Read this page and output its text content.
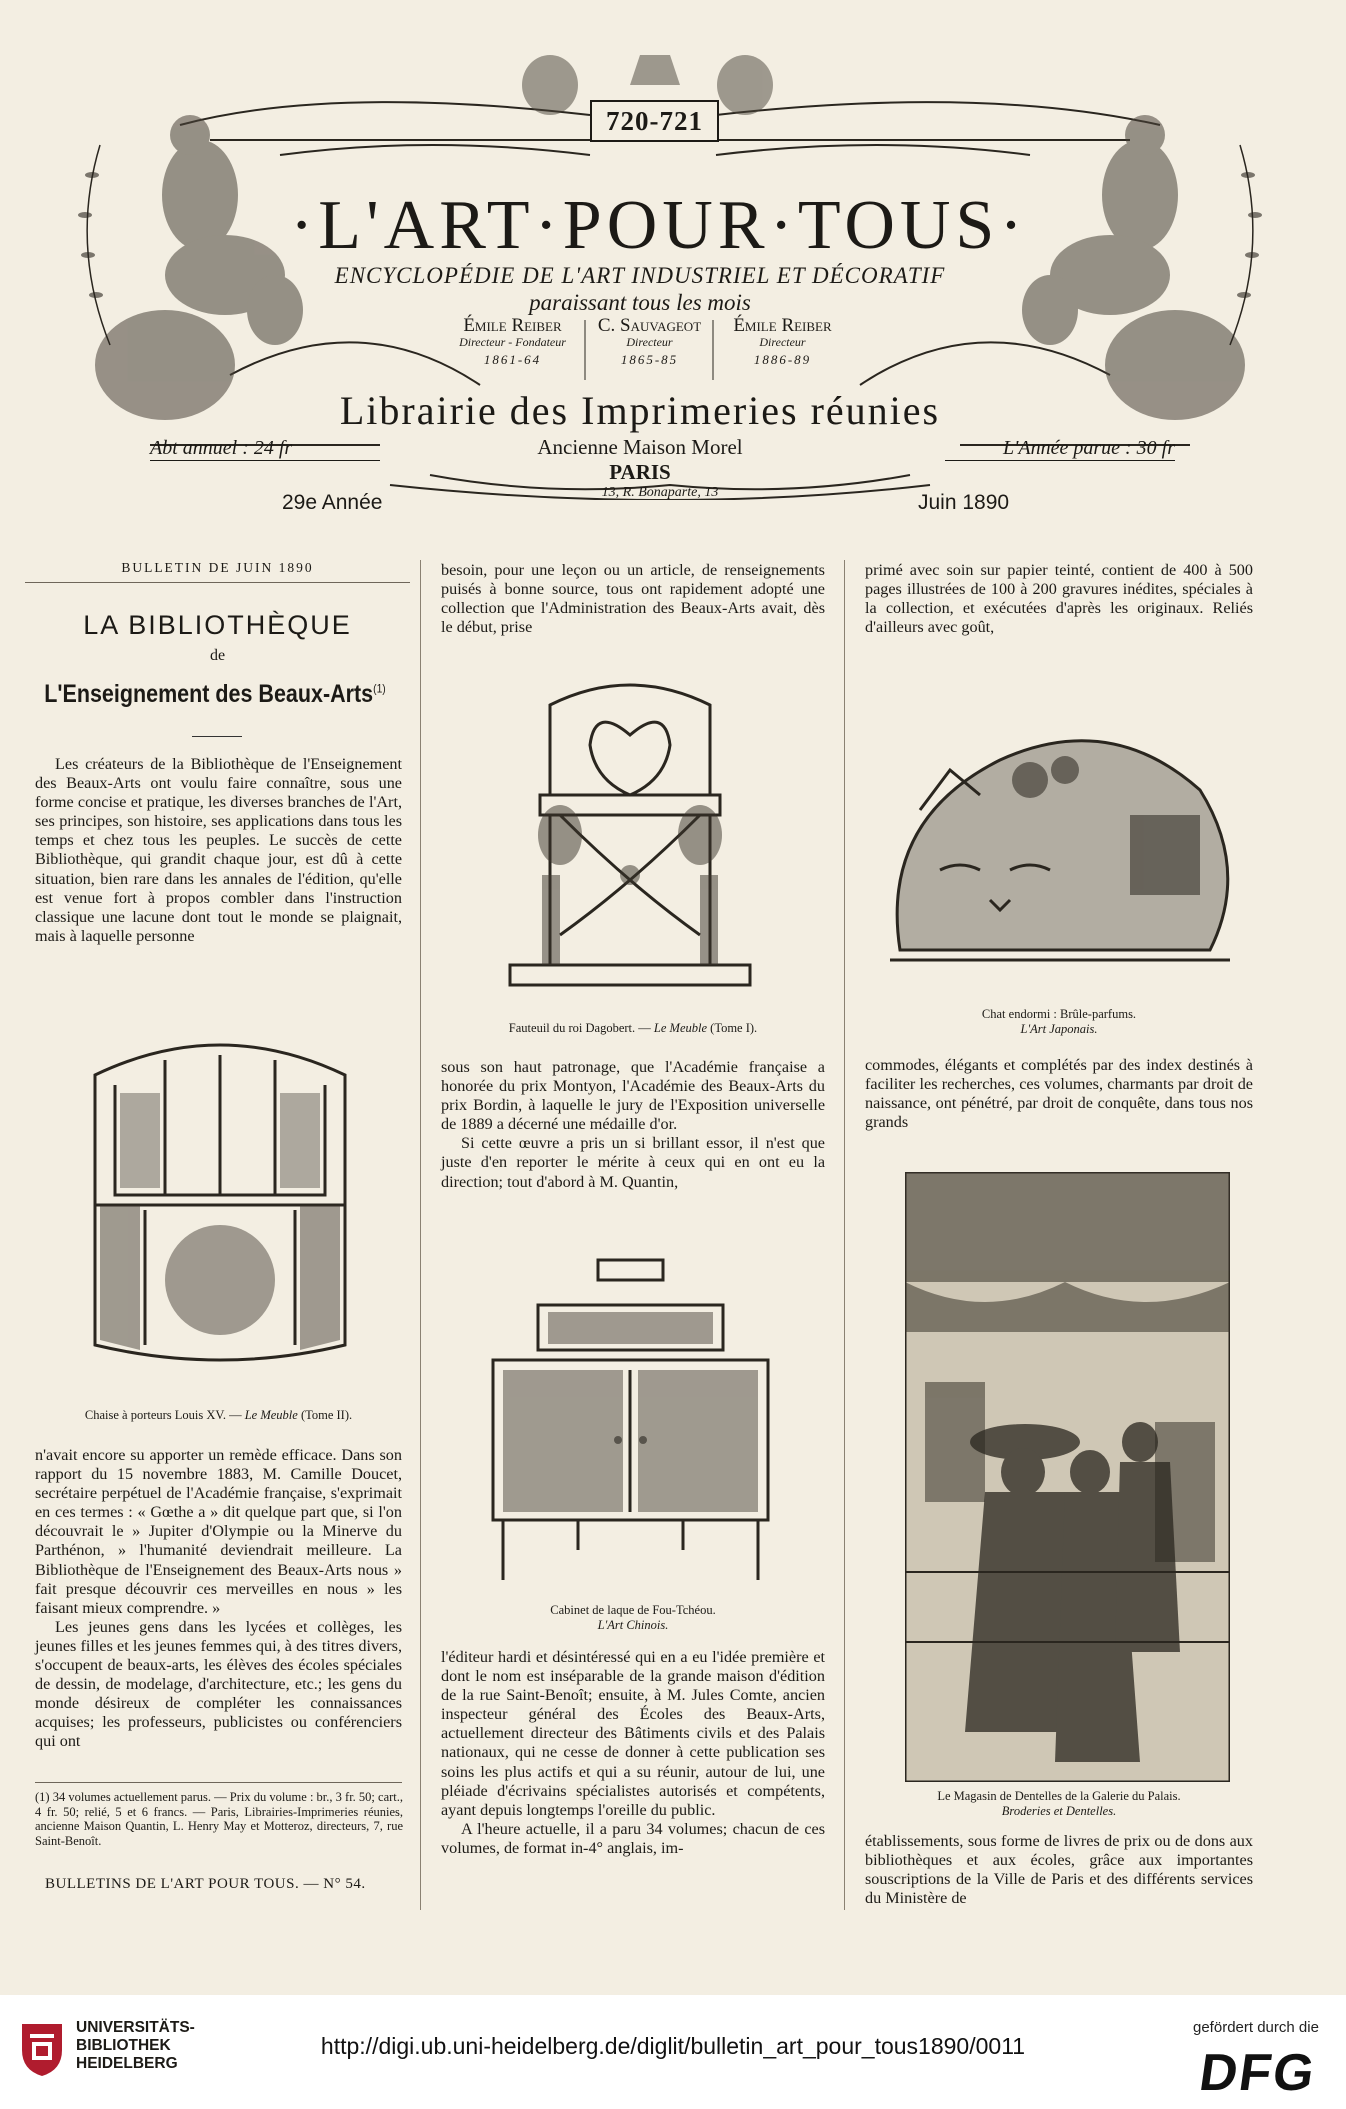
720-721
·L'ART·POUR·TOUS·
ENCYCLOPÉDIE DE L'ART INDUSTRIEL ET DÉCORATIF
paraissant tous les mois
Émile Reiber
Directeur - Fondateur
1861-64
C. Sauvageot
Directeur
1865-85
Émile Reiber
Directeur
1886-89
Librairie des Imprimeries réunies
Ancienne Maison Morel
PARIS
13, R. Bonaparte, 13
Abt annuel : 24 fr	L'Année parue : 30 fr
29e Année	Juin 1890
BULLETIN DE JUIN 1890
LA BIBLIOTHÈQUE
de
L'Enseignement des Beaux-Arts$^{(1)}$

Les créateurs de la Bibliothèque de l'Enseignement des Beaux-Arts ont voulu faire connaître, sous une forme concise et pratique, les diverses branches de l'Art, ses principes, son histoire, ses applications dans tous les temps et chez tous les peuples. Le succès de cette Bibliothèque, qui grandit chaque jour, est dû à cette situation, bien rare dans les annales de l'édition, qu'elle est venue fort à propos combler dans l'instruction classique une lacune dont tout le monde se plaignait, mais à laquelle personne

Chaise à porteurs Louis XV. — Le Meuble (Tome II).

n'avait encore su apporter un remède efficace. Dans son rapport du 15 novembre 1883, M. Camille Doucet, secrétaire perpétuel de l'Académie française, s'exprimait en ces termes : « Gœthe a » dit quelque part que, si l'on découvrait le » Jupiter d'Olympie ou la Minerve du Parthénon, » l'humanité deviendrait meilleure. La Bibliothèque de l'Enseignement des Beaux-Arts nous » fait presque découvrir ces merveilles en nous » les faisant mieux comprendre. »

Les jeunes gens dans les lycées et collèges, les jeunes filles et les jeunes femmes qui, à des titres divers, s'occupent de beaux-arts, les élèves des écoles spéciales de dessin, de modelage, d'architecture, etc.; les gens du monde désireux de compléter les connaissances acquises; les professeurs, publicistes ou conférenciers qui ont

(1) 34 volumes actuellement parus. — Prix du volume : br., 3 fr. 50; cart., 4 fr. 50; relié, 5 et 6 francs. — Paris, Librairies-Imprimeries réunies, ancienne Maison Quantin, L. Henry May et Motteroz, directeurs, 7, rue Saint-Benoît.
BULLETINS DE L'ART POUR TOUS. — N° 54.

besoin, pour une leçon ou un article, de renseignements puisés à bonne source, tous ont rapidement adopté une collection que l'Administration des Beaux-Arts avait, dès le début, prise

Fauteuil du roi Dagobert. — Le Meuble (Tome I).

sous son haut patronage, que l'Académie française a honorée du prix Montyon, l'Académie des Beaux-Arts du prix Bordin, à laquelle le jury de l'Exposition universelle de 1889 a décerné une médaille d'or.

Si cette œuvre a pris un si brillant essor, il n'est que juste d'en reporter le mérite à ceux qui en ont eu la direction; tout d'abord à M. Quantin,

Cabinet de laque de Fou-Tchéou.
L'Art Chinois.

l'éditeur hardi et désintéressé qui en a eu l'idée première et dont le nom est inséparable de la grande maison d'édition de la rue Saint-Benoît; ensuite, à M. Jules Comte, ancien inspecteur général des Écoles des Beaux-Arts, actuellement directeur des Bâtiments civils et des Palais nationaux, qui ne cesse de donner à cette publication ses soins les plus actifs et qui a su réunir, autour de lui, une pléiade d'écrivains spécialistes autorisés et compétents, ayant depuis longtemps l'oreille du public.

A l'heure actuelle, il a paru 34 volumes; chacun de ces volumes, de format in-4° anglais, im-

primé avec soin sur papier teinté, contient de 400 à 500 pages illustrées de 100 à 200 gravures inédites, spéciales à la collection, et exécutées d'après les originaux. Reliés d'ailleurs avec goût,

Chat endormi : Brûle-parfums.
L'Art Japonais.

commodes, élégants et complétés par des index destinés à faciliter les recherches, ces volumes, charmants par droit de naissance, ont pénétré, par droit de conquête, dans tous nos grands

Le Magasin de Dentelles de la Galerie du Palais.
Broderies et Dentelles.

établissements, sous forme de livres de prix ou de dons aux bibliothèques et aux écoles, grâce aux importantes souscriptions de la Ville de Paris et des différents services du Ministère de

UNIVERSITÄTS-
BIBLIOTHEK
HEIDELBERG
http://digi.ub.uni-heidelberg.de/diglit/bulletin_art_pour_tous1890/0011
gefördert durch die
DFG
